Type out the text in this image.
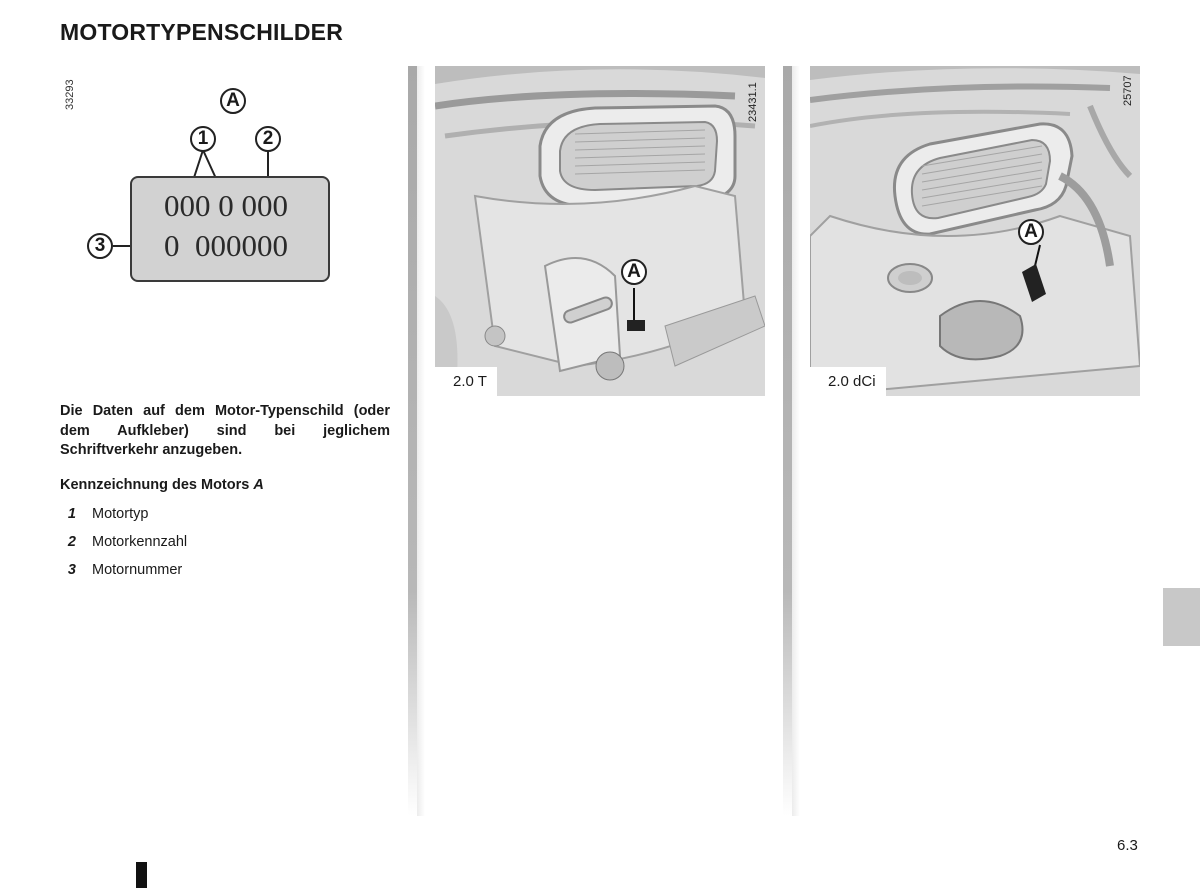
MOTORTYPENSCHILDER
33293	A
1	2
3
000 0 000
0  000000

Die Daten auf dem Motor-Typenschild (oder dem Aufkleber) sind bei jeglichem Schriftverkehr anzugeben.

Kennzeichnung des Motors A

1	Motortyp
2	Motorkennzahl
3	Motornummer
A
23431.1
2.0 T
A
25707
2.0 dCi
6.3
